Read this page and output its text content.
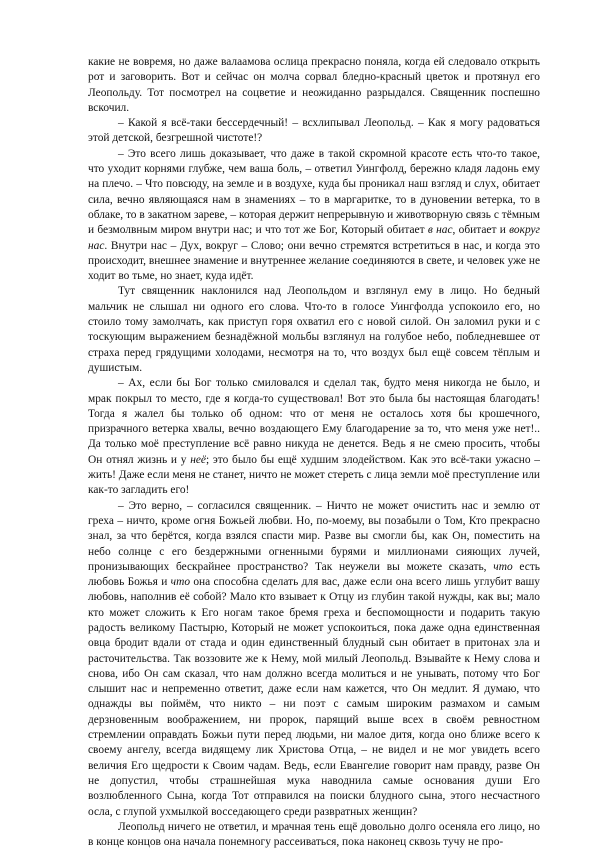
какие не вовремя, но даже валаамова ослица прекрасно поняла, когда ей следовало открыть рот и заговорить. Вот и сейчас он молча сорвал бледно-красный цветок и протянул его Леопольду. Тот посмотрел на соцветие и неожиданно разрыдался. Священник поспешно вскочил.

– Какой я всё-таки бессердечный! – всхлипывал Леопольд. – Как я могу радоваться этой детской, безгрешной чистоте!?

– Это всего лишь доказывает, что даже в такой скромной красоте есть что-то такое, что уходит корнями глубже, чем ваша боль, – ответил Уингфолд, бережно кладя ладонь ему на плечо. – Что повсюду, на земле и в воздухе, куда бы проникал наш взгляд и слух, обитает сила, вечно являющаяся нам в знамениях – то в маргаритке, то в дуновении ветерка, то в облаке, то в закатном зареве, – которая держит непрерывную и животворную связь с тёмным и безмолвным миром внутри нас; и что тот же Бог, Который обитает в нас, обитает и вокруг нас. Внутри нас – Дух, вокруг – Слово; они вечно стремятся встретиться в нас, и когда это происходит, внешнее знамение и внутреннее желание соединяются в свете, и человек уже не ходит во тьме, но знает, куда идёт.

Тут священник наклонился над Леопольдом и взглянул ему в лицо. Но бедный мальчик не слышал ни одного его слова. Что-то в голосе Уингфолда успокоило его, но стоило тому замолчать, как приступ горя охватил его с новой силой. Он заломил руки и с тоскующим выражением безнадёжной мольбы взглянул на голубое небо, побледневшее от страха перед грядущими холодами, несмотря на то, что воздух был ещё совсем тёплым и душистым.

– Ах, если бы Бог только смиловался и сделал так, будто меня никогда не было, и мрак покрыл то место, где я когда-то существовал! Вот это была бы настоящая благодать! Тогда я жалел бы только об одном: что от меня не осталось хотя бы крошечного, призрачного ветерка хвалы, вечно воздающего Ему благодарение за то, что меня уже нет!.. Да только моё преступление всё равно никуда не денется. Ведь я не смею просить, чтобы Он отнял жизнь и у неё; это было бы ещё худшим злодейством. Как это всё-таки ужасно – жить! Даже если меня не станет, ничто не может стереть с лица земли моё преступление или как-то загладить его!

– Это верно, – согласился священник. – Ничто не может очистить нас и землю от греха – ничто, кроме огня Божьей любви. Но, по-моему, вы позабыли о Том, Кто прекрасно знал, за что берётся, когда взялся спасти мир. Разве вы смогли бы, как Он, поместить на небо солнце с его бездержными огненными бурями и миллионами сияющих лучей, пронизывающих бескрайнее пространство? Так неужели вы можете сказать, что есть любовь Божья и что она способна сделать для вас, даже если она всего лишь углубит вашу любовь, наполнив её собой? Мало кто взывает к Отцу из глубин такой нужды, как вы; мало кто может сложить к Его ногам такое бремя греха и беспомощности и подарить такую радость великому Пастырю, Который не может успокоиться, пока даже одна единственная овца бродит вдали от стада и один единственный блудный сын обитает в притонах зла и расточительства. Так воззовите же к Нему, мой милый Леопольд. Взывайте к Нему слова и снова, ибо Он сам сказал, что нам должно всегда молиться и не унывать, потому что Бог слышит нас и непременно ответит, даже если нам кажется, что Он медлит. Я думаю, что однажды вы поймём, что никто – ни поэт с самым широким размахом и самым дерзновенным воображением, ни пророк, парящий выше всех в своём ревностном стремлении оправдать Божьи пути перед людьми, ни малое дитя, когда оно ближе всего к своему ангелу, всегда видящему лик Христова Отца, – не видел и не мог увидеть всего величия Его щедрости к Своим чадам. Ведь, если Евангелие говорит нам правду, разве Он не допустил, чтобы страшнейшая мука наводнила самые основания души Его возлюбленного Сына, когда Тот отправился на поиски блудного сына, этого несчастного осла, с глупой ухмылкой восседающего среди развратных женщин?

Леопольд ничего не ответил, и мрачная тень ещё довольно долго осеняла его лицо, но в конце концов она начала понемногу рассеиваться, пока наконец сквозь тучу не про-
